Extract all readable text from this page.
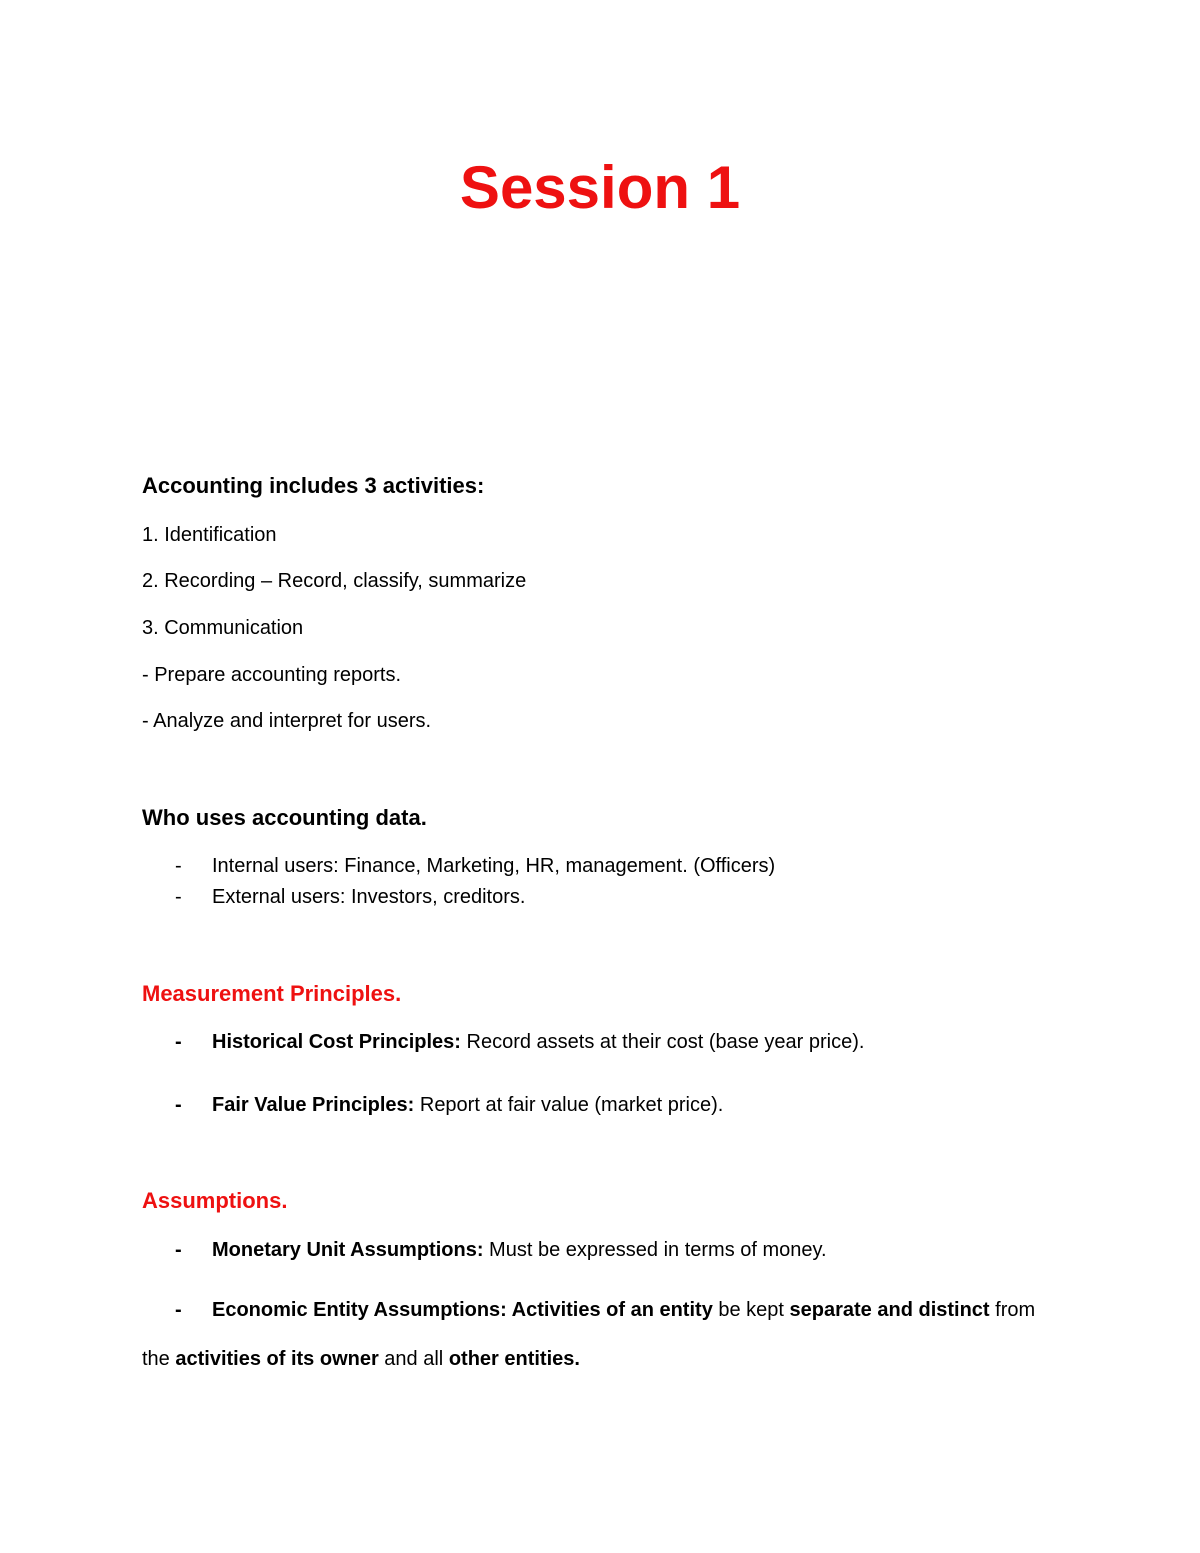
Session 1
Accounting includes 3 activities:
1. Identification
2. Recording – Record, classify, summarize
3. Communication
- Prepare accounting reports.
- Analyze and interpret for users.
Who uses accounting data.
- Internal users: Finance, Marketing, HR, management. (Officers)
- External users: Investors, creditors.
Measurement Principles.
- Historical Cost Principles: Record assets at their cost (base year price).
- Fair Value Principles: Report at fair value (market price).
Assumptions.
- Monetary Unit Assumptions: Must be expressed in terms of money.
- Economic Entity Assumptions: Activities of an entity be kept separate and distinct from
the activities of its owner and all other entities.
